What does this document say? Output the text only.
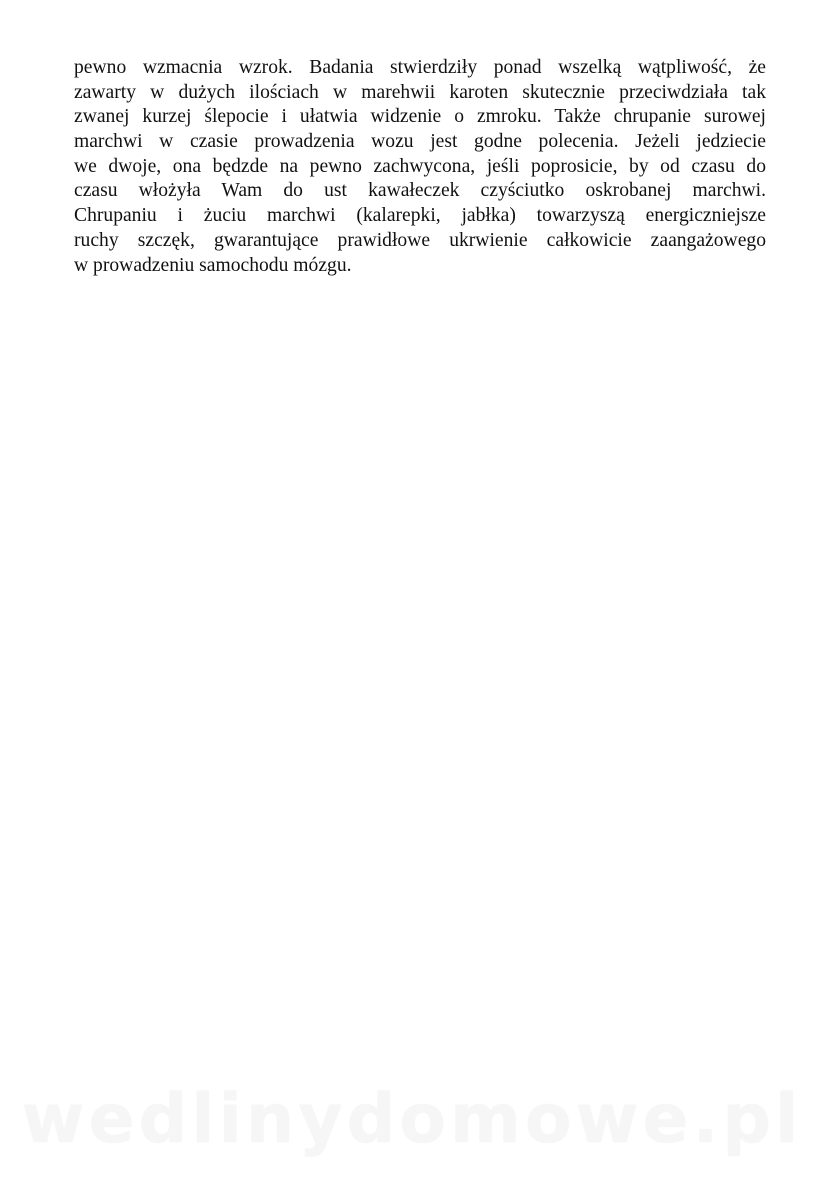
pewno wzmacnia wzrok. Badania stwierdziły ponad wszelką wątpliwość, że
zawarty w dużych ilościach w marehwii karoten skutecznie przeciwdziała tak
zwanej kurzej ślepocie i ułatwia widzenie o zmroku. Także chrupanie surowej
marchwi w czasie prowadzenia wozu jest godne polecenia. Jeżeli jedziecie
we dwoje, ona będzde na pewno zachwycona, jeśli poprosicie, by od czasu do
czasu włożyła Wam do ust kawałeczek czyściutko oskrobanej marchwi.
Chrupaniu i żuciu marchwi (kalarepki, jabłka) towarzyszą energiczniejsze
ruchy szczęk, gwarantujące prawidłowe ukrwienie całkowicie zaangażowego
w prowadzeniu samochodu mózgu.
wedlinydomowe.pl
